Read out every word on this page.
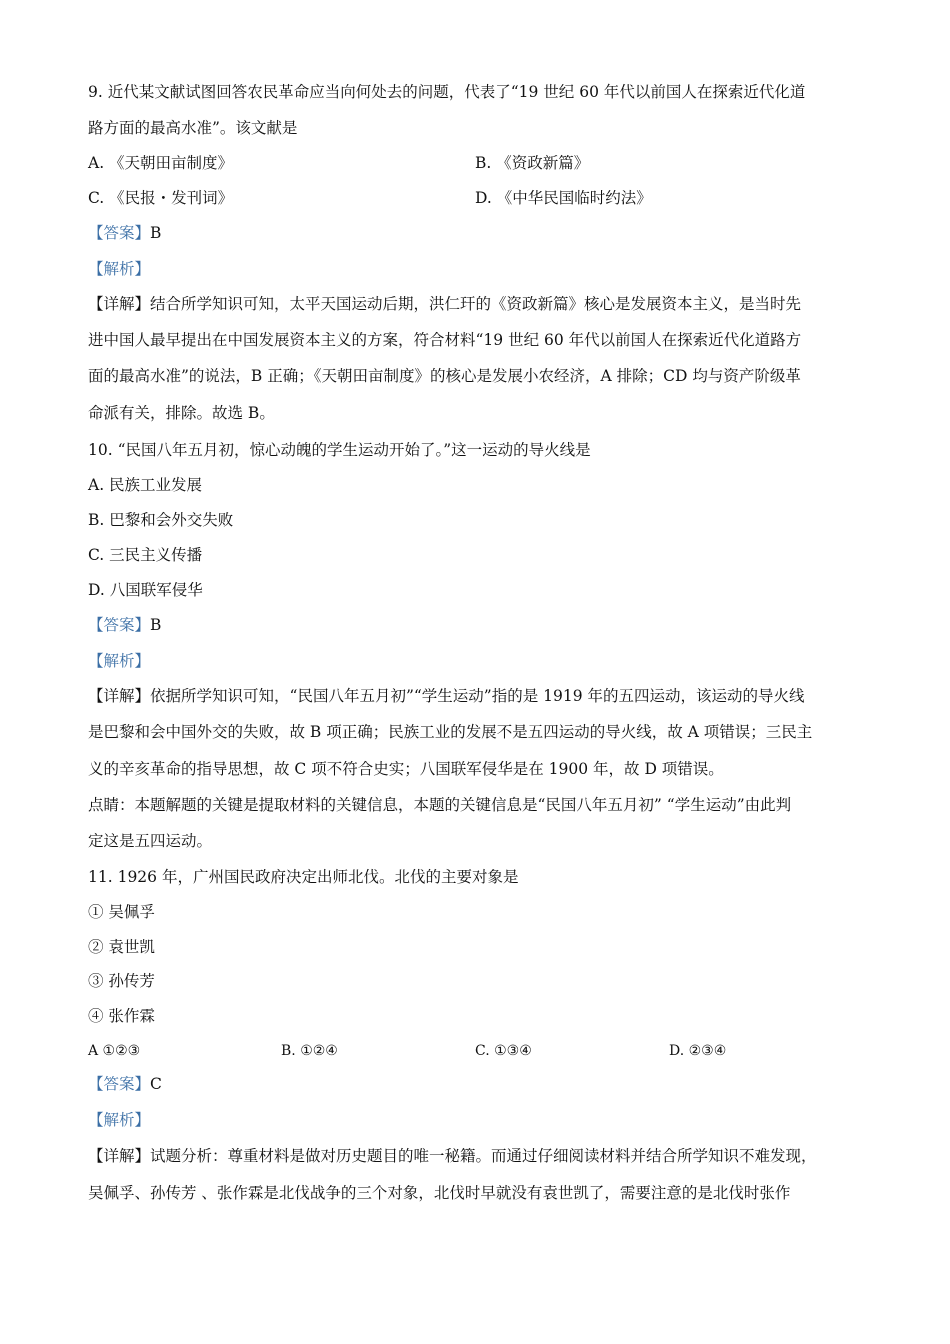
9. 近代某文献试图回答农民革命应当向何处去的问题，代表了“19 世纪 60 年代以前国人在探索近代化道
路方面的最高水准”。该文献是
A. 《天朝田亩制度》	B. 《资政新篇》
C. 《民报・发刊词》	D. 《中华民国临时约法》
【答案】B
【解析】
【详解】结合所学知识可知，太平天国运动后期，洪仁玕的《资政新篇》核心是发展资本主义，是当时先
进中国人最早提出在中国发展资本主义的方案，符合材料“19 世纪 60 年代以前国人在探索近代化道路方
面的最高水准”的说法，B 正确；《天朝田亩制度》的核心是发展小农经济，A 排除；CD 均与资产阶级革
命派有关，排除。故选 B。
10. “民国八年五月初，惊心动魄的学生运动开始了。”这一运动的导火线是
A. 民族工业发展
B. 巴黎和会外交失败
C. 三民主义传播
D. 八国联军侵华
【答案】B
【解析】
【详解】依据所学知识可知，“民国八年五月初”“学生运动”指的是 1919 年的五四运动，该运动的导火线
是巴黎和会中国外交的失败，故 B 项正确；民族工业的发展不是五四运动的导火线，故 A 项错误；三民主
义的辛亥革命的指导思想，故 C 项不符合史实；八国联军侵华是在 1900 年，故 D 项错误。
点睛：本题解题的关键是提取材料的关键信息，本题的关键信息是“民国八年五月初” “学生运动”由此判
定这是五四运动。
11. 1926 年，广州国民政府决定出师北伐。北伐的主要对象是
① 吴佩孚
② 袁世凯
③ 孙传芳
④ 张作霖
A ①②③	B. ①②④	C. ①③④	D. ②③④
【答案】C
【解析】
【详解】试题分析：尊重材料是做对历史题目的唯一秘籍。而通过仔细阅读材料并结合所学知识不难发现，
吴佩孚、孙传芳 、张作霖是北伐战争的三个对象，北伐时早就没有袁世凯了，需要注意的是北伐时张作
